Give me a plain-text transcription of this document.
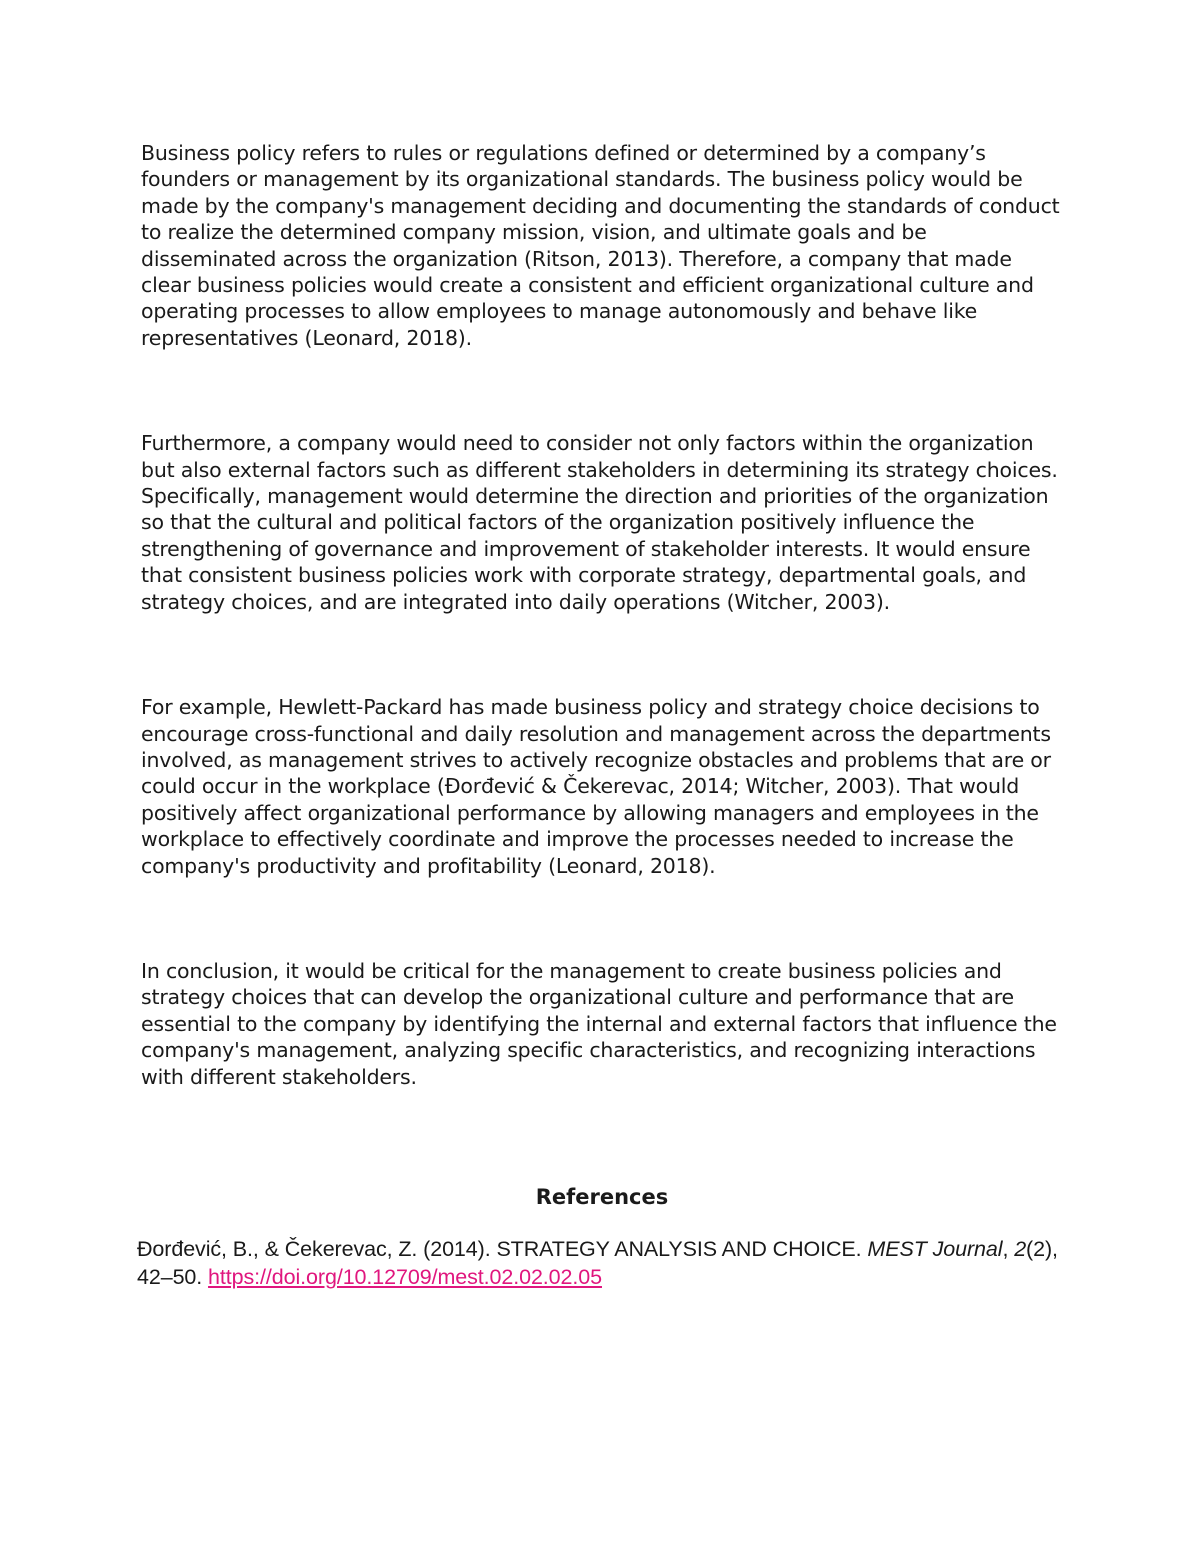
Business policy refers to rules or regulations defined or determined by a company’s founders or management by its organizational standards. The business policy would be made by the company's management deciding and documenting the standards of conduct to realize the determined company mission, vision, and ultimate goals and be disseminated across the organization (Ritson, 2013). Therefore, a company that made clear business policies would create a consistent and efficient organizational culture and operating processes to allow employees to manage autonomously and behave like representatives (Leonard, 2018).

Furthermore, a company would need to consider not only factors within the organization but also external factors such as different stakeholders in determining its strategy choices. Specifically, management would determine the direction and priorities of the organization so that the cultural and political factors of the organization positively influence the strengthening of governance and improvement of stakeholder interests. It would ensure that consistent business policies work with corporate strategy, departmental goals, and strategy choices, and are integrated into daily operations (Witcher, 2003).

For example, Hewlett-Packard has made business policy and strategy choice decisions to encourage cross-functional and daily resolution and management across the departments involved, as management strives to actively recognize obstacles and problems that are or could occur in the workplace (Đorđević & Čekerevac, 2014; Witcher, 2003). That would positively affect organizational performance by allowing managers and employees in the workplace to effectively coordinate and improve the processes needed to increase the company's productivity and profitability (Leonard, 2018).

In conclusion, it would be critical for the management to create business policies and strategy choices that can develop the organizational culture and performance that are essential to the company by identifying the internal and external factors that influence the company's management, analyzing specific characteristics, and recognizing interactions with different stakeholders.

References

Đorđević, B., & Čekerevac, Z. (2014). STRATEGY ANALYSIS AND CHOICE. MEST Journal, 2(2), 42–50. https://doi.org/10.12709/mest.02.02.02.05
